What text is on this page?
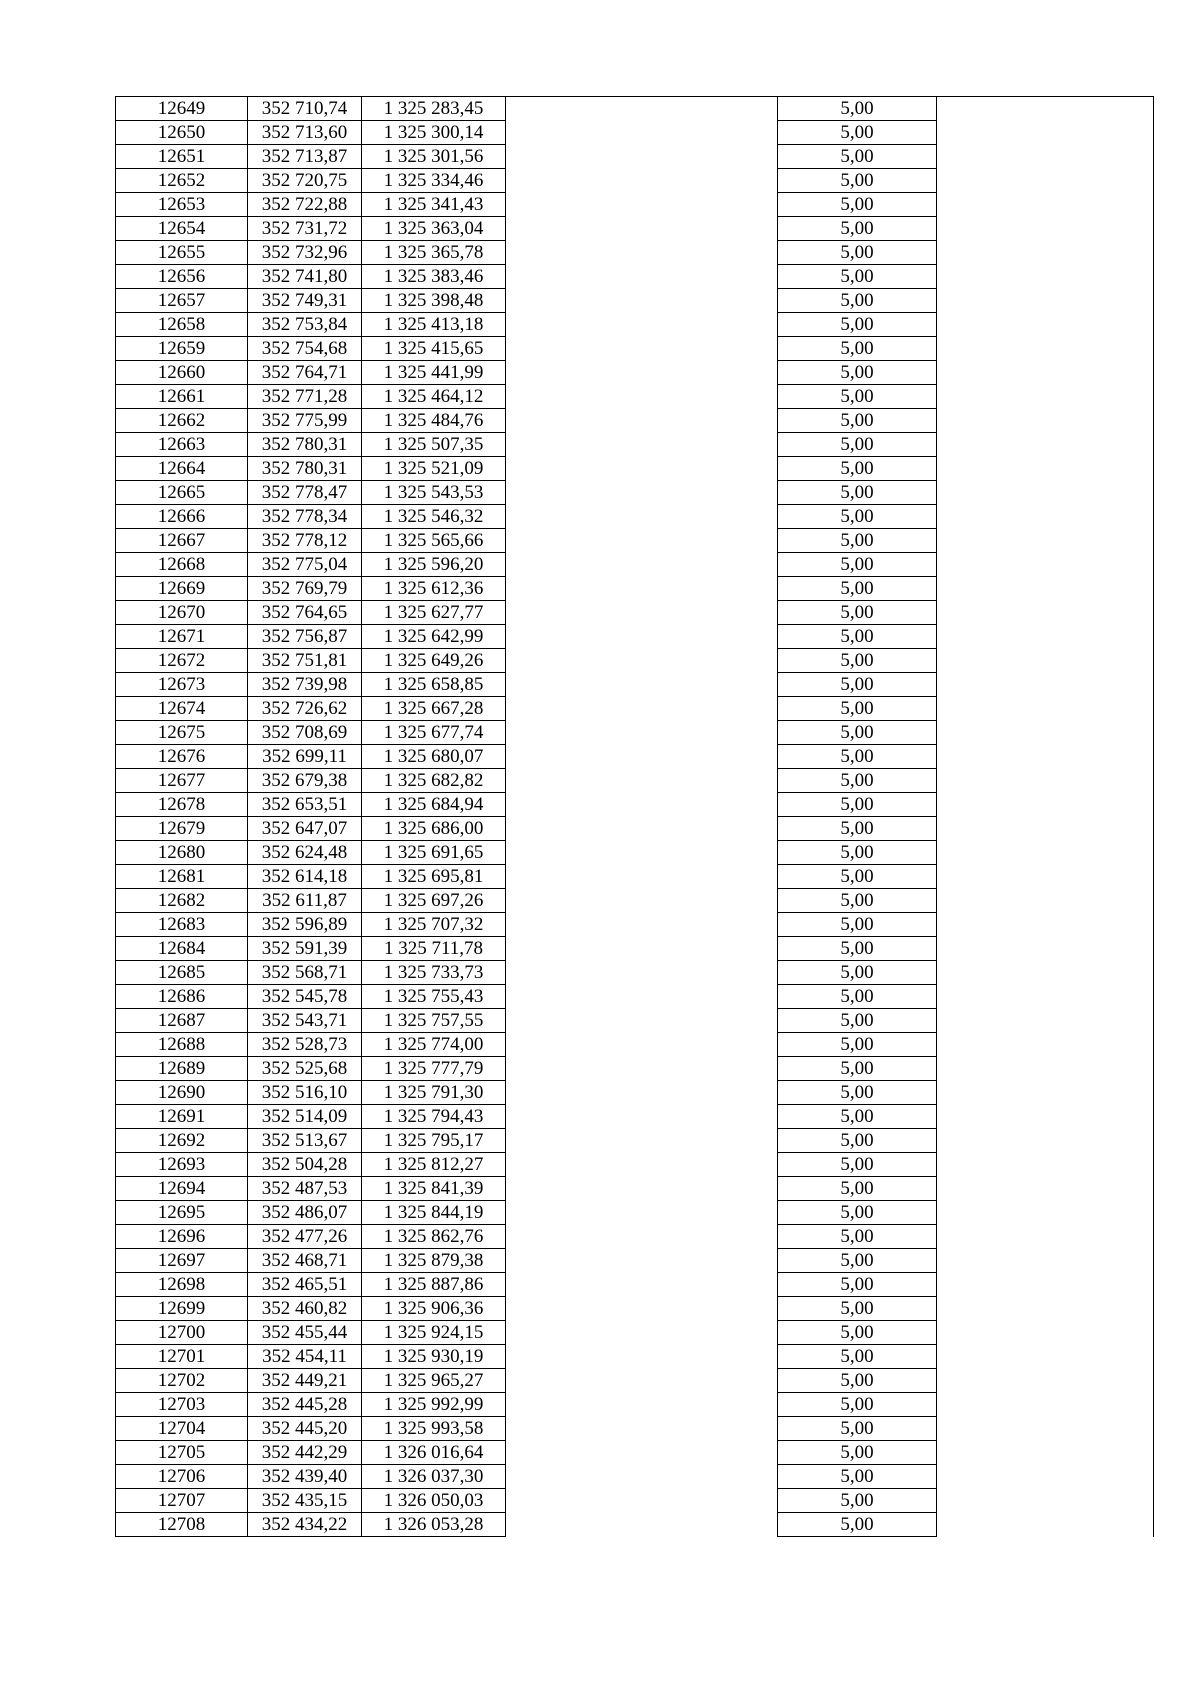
12649	352 710,74	1 325 283,45		5,00	
12650	352 713,60	1 325 300,14		5,00	
12651	352 713,87	1 325 301,56		5,00	
12652	352 720,75	1 325 334,46		5,00	
12653	352 722,88	1 325 341,43		5,00	
12654	352 731,72	1 325 363,04		5,00	
12655	352 732,96	1 325 365,78		5,00	
12656	352 741,80	1 325 383,46		5,00	
12657	352 749,31	1 325 398,48		5,00	
12658	352 753,84	1 325 413,18		5,00	
12659	352 754,68	1 325 415,65		5,00	
12660	352 764,71	1 325 441,99		5,00	
12661	352 771,28	1 325 464,12		5,00	
12662	352 775,99	1 325 484,76		5,00	
12663	352 780,31	1 325 507,35		5,00	
12664	352 780,31	1 325 521,09		5,00	
12665	352 778,47	1 325 543,53		5,00	
12666	352 778,34	1 325 546,32		5,00	
12667	352 778,12	1 325 565,66		5,00	
12668	352 775,04	1 325 596,20		5,00	
12669	352 769,79	1 325 612,36		5,00	
12670	352 764,65	1 325 627,77		5,00	
12671	352 756,87	1 325 642,99		5,00	
12672	352 751,81	1 325 649,26		5,00	
12673	352 739,98	1 325 658,85		5,00	
12674	352 726,62	1 325 667,28		5,00	
12675	352 708,69	1 325 677,74		5,00	
12676	352 699,11	1 325 680,07		5,00	
12677	352 679,38	1 325 682,82		5,00	
12678	352 653,51	1 325 684,94		5,00	
12679	352 647,07	1 325 686,00		5,00	
12680	352 624,48	1 325 691,65		5,00	
12681	352 614,18	1 325 695,81		5,00	
12682	352 611,87	1 325 697,26		5,00	
12683	352 596,89	1 325 707,32		5,00	
12684	352 591,39	1 325 711,78		5,00	
12685	352 568,71	1 325 733,73		5,00	
12686	352 545,78	1 325 755,43		5,00	
12687	352 543,71	1 325 757,55		5,00	
12688	352 528,73	1 325 774,00		5,00	
12689	352 525,68	1 325 777,79		5,00	
12690	352 516,10	1 325 791,30		5,00	
12691	352 514,09	1 325 794,43		5,00	
12692	352 513,67	1 325 795,17		5,00	
12693	352 504,28	1 325 812,27		5,00	
12694	352 487,53	1 325 841,39		5,00	
12695	352 486,07	1 325 844,19		5,00	
12696	352 477,26	1 325 862,76		5,00	
12697	352 468,71	1 325 879,38		5,00	
12698	352 465,51	1 325 887,86		5,00	
12699	352 460,82	1 325 906,36		5,00	
12700	352 455,44	1 325 924,15		5,00	
12701	352 454,11	1 325 930,19		5,00	
12702	352 449,21	1 325 965,27		5,00	
12703	352 445,28	1 325 992,99		5,00	
12704	352 445,20	1 325 993,58		5,00	
12705	352 442,29	1 326 016,64		5,00	
12706	352 439,40	1 326 037,30		5,00	
12707	352 435,15	1 326 050,03		5,00	
12708	352 434,22	1 326 053,28		5,00	
